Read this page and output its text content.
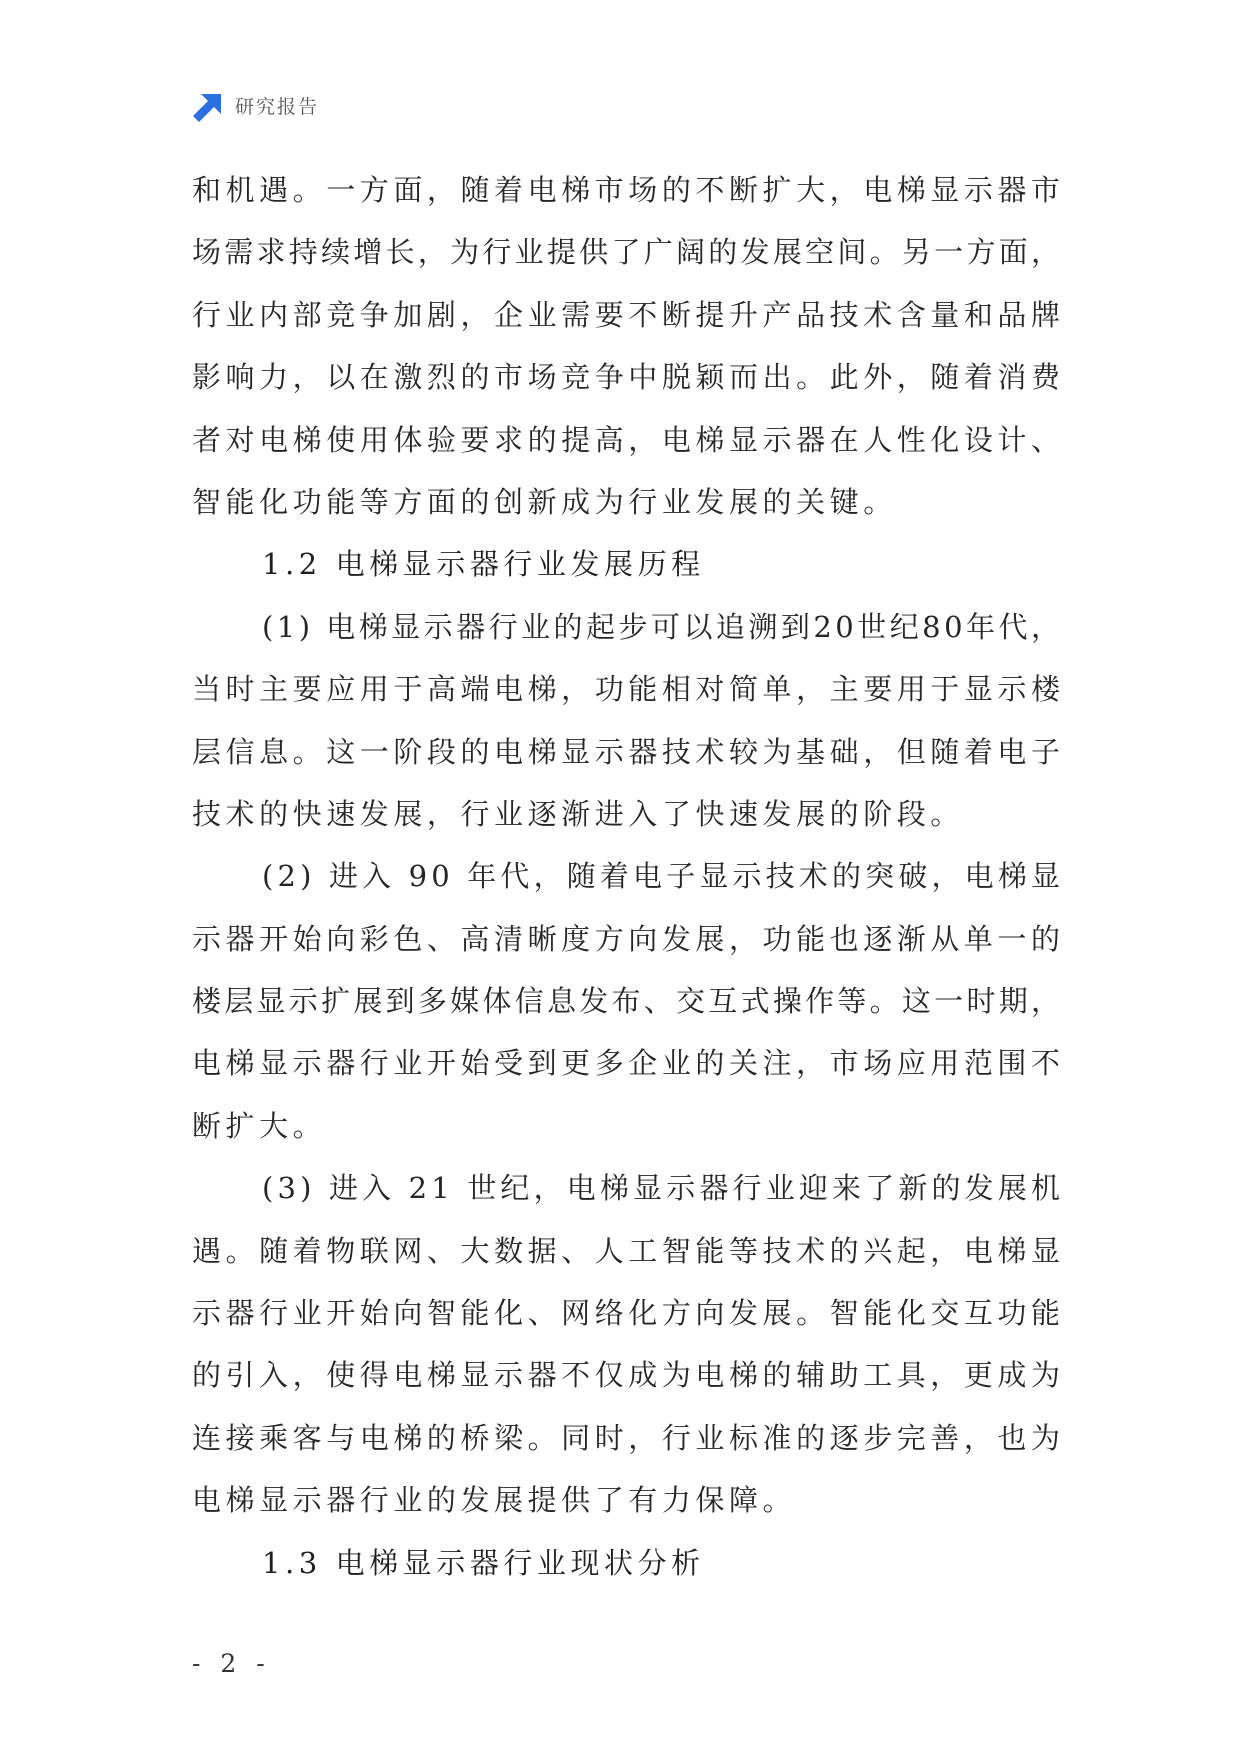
研究报告
和机遇。一方面，随着电梯市场的不断扩大，电梯显示器市
场需求持续增长，为行业提供了广阔的发展空间。另一方面，
行业内部竞争加剧，企业需要不断提升产品技术含量和品牌
影响力，以在激烈的市场竞争中脱颖而出。此外，随着消费
者对电梯使用体验要求的提高，电梯显示器在人性化设计、
智能化功能等方面的创新成为行业发展的关键。
1.2 电梯显示器行业发展历程
(1) 电梯显示器行业的起步可以追溯到20世纪80年代，
当时主要应用于高端电梯，功能相对简单，主要用于显示楼
层信息。这一阶段的电梯显示器技术较为基础，但随着电子
技术的快速发展，行业逐渐进入了快速发展的阶段。
(2) 进入 90 年代，随着电子显示技术的突破，电梯显
示器开始向彩色、高清晰度方向发展，功能也逐渐从单一的
楼层显示扩展到多媒体信息发布、交互式操作等。这一时期，
电梯显示器行业开始受到更多企业的关注，市场应用范围不
断扩大。
(3) 进入 21 世纪，电梯显示器行业迎来了新的发展机
遇。随着物联网、大数据、人工智能等技术的兴起，电梯显
示器行业开始向智能化、网络化方向发展。智能化交互功能
的引入，使得电梯显示器不仅成为电梯的辅助工具，更成为
连接乘客与电梯的桥梁。同时，行业标准的逐步完善，也为
电梯显示器行业的发展提供了有力保障。
1.3 电梯显示器行业现状分析
- 2 -
